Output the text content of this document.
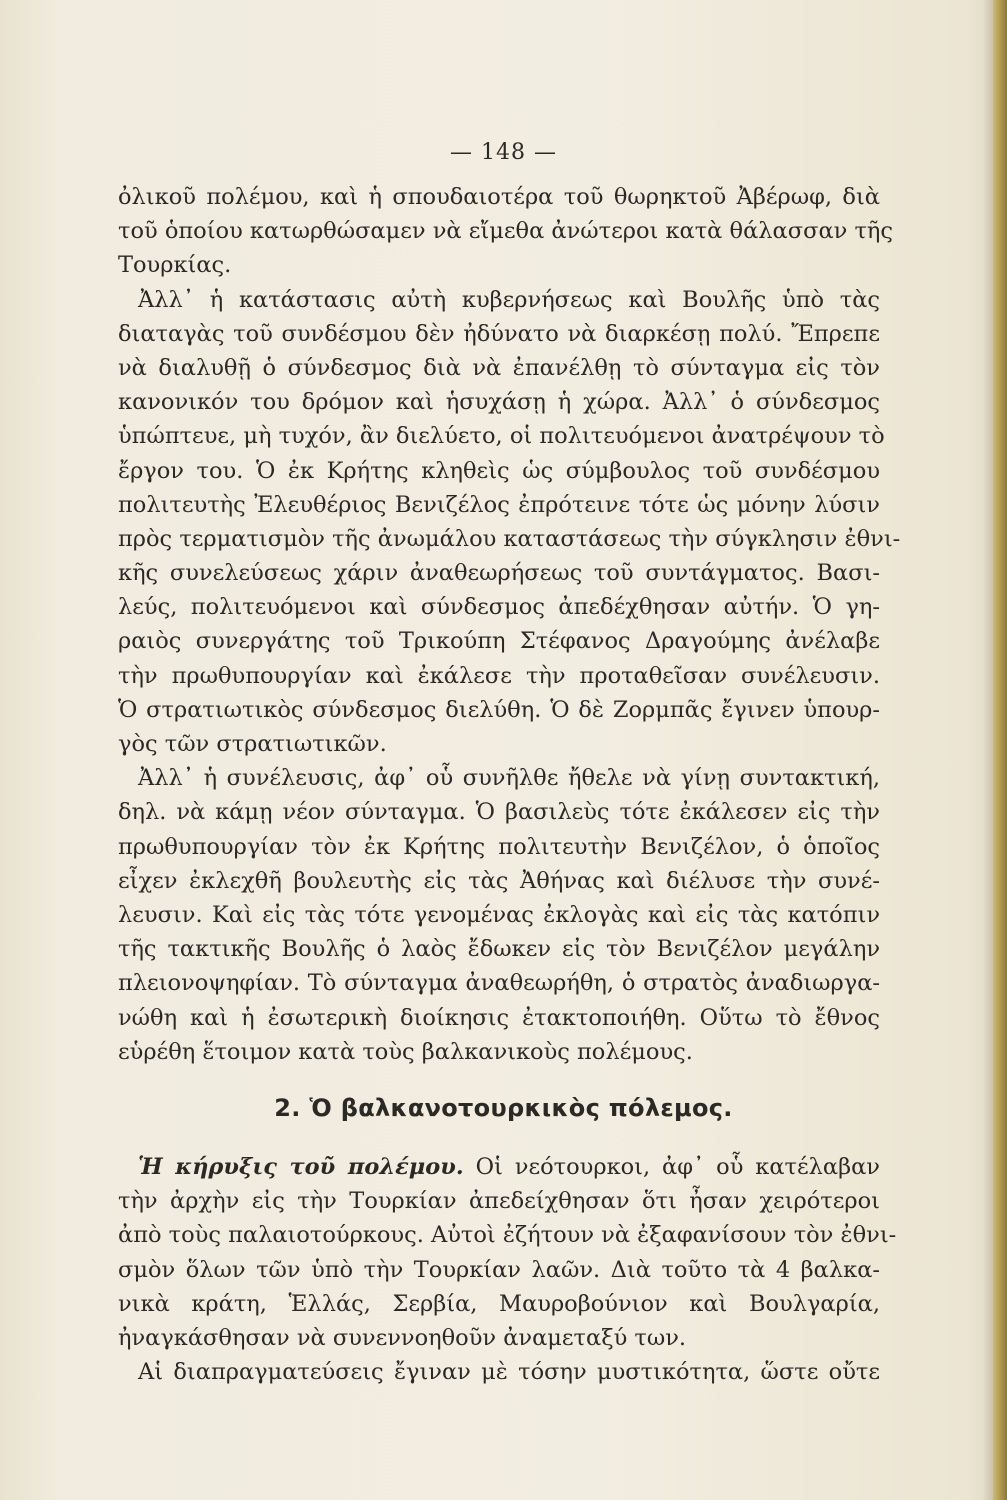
— 148 —
ὀλικοῦ πολέμου, καὶ ἡ σπουδαιοτέρα τοῦ θωρηκτοῦ Ἀβέρωφ, διὰ
τοῦ ὁποίου κατωρθώσαμεν νὰ εἴμεθα ἀνώτεροι κατὰ θάλασσαν τῆς
Τουρκίας.
Ἀλλ᾽ ἡ κατάστασις αὐτὴ κυβερνήσεως καὶ Βουλῆς ὑπὸ τὰς
διαταγὰς τοῦ συνδέσμου δὲν ἠδύνατο νὰ διαρκέσῃ πολύ. Ἔπρεπε
νὰ διαλυθῇ ὁ σύνδεσμος διὰ νὰ ἐπανέλθῃ τὸ σύνταγμα εἰς τὸν
κανονικόν του δρόμον καὶ ἡσυχάσῃ ἡ χώρα. Ἀλλ᾽ ὁ σύνδεσμος
ὑπώπτευε, μὴ τυχόν, ἂν διελύετο, οἱ πολιτευόμενοι ἀνατρέψουν τὸ
ἔργον του. Ὁ ἐκ Κρήτης κληθεὶς ὡς σύμβουλος τοῦ συνδέσμου
πολιτευτὴς Ἐλευθέριος Βενιζέλος ἐπρότεινε τότε ὡς μόνην λύσιν
πρὸς τερματισμὸν τῆς ἀνωμάλου καταστάσεως τὴν σύγκλησιν ἐθνι-
κῆς συνελεύσεως χάριν ἀναθεωρήσεως τοῦ συντάγματος. Βασι-
λεύς, πολιτευόμενοι καὶ σύνδεσμος ἀπεδέχθησαν αὐτήν. Ὁ γη-
ραιὸς συνεργάτης τοῦ Τρικούπη Στέφανος Δραγούμης ἀνέλαβε
τὴν πρωθυπουργίαν καὶ ἐκάλεσε τὴν προταθεῖσαν συνέλευσιν.
Ὁ στρατιωτικὸς σύνδεσμος διελύθη. Ὁ δὲ Ζορμπᾶς ἔγινεν ὑπουρ-
γὸς τῶν στρατιωτικῶν.
Ἀλλ᾽ ἡ συνέλευσις, ἀφ᾽ οὗ συνῆλθε ἤθελε νὰ γίνῃ συντακτική,
δηλ. νὰ κάμῃ νέον σύνταγμα. Ὁ βασιλεὺς τότε ἐκάλεσεν εἰς τὴν
πρωθυπουργίαν τὸν ἐκ Κρήτης πολιτευτὴν Βενιζέλον, ὁ ὁποῖος
εἶχεν ἐκλεχθῆ βουλευτὴς εἰς τὰς Ἀθήνας καὶ διέλυσε τὴν συνέ-
λευσιν. Καὶ εἰς τὰς τότε γενομένας ἐκλογὰς καὶ εἰς τὰς κατόπιν
τῆς τακτικῆς Βουλῆς ὁ λαὸς ἔδωκεν εἰς τὸν Βενιζέλον μεγάλην
πλειονοψηφίαν. Τὸ σύνταγμα ἀναθεωρήθη, ὁ στρατὸς ἀναδιωργα-
νώθη καὶ ἡ ἐσωτερικὴ διοίκησις ἐτακτοποιήθη. Οὕτω τὸ ἔθνος
εὑρέθη ἕτοιμον κατὰ τοὺς βαλκανικοὺς πολέμους.
2. Ὁ βαλκανοτουρκικὸς πόλεμος.
Ἡ κήρυξις τοῦ πολέμου. Οἱ νεότουρκοι, ἀφ᾽ οὗ κατέλαβαν
τὴν ἀρχὴν εἰς τὴν Τουρκίαν ἀπεδείχθησαν ὅτι ἦσαν χειρότεροι
ἀπὸ τοὺς παλαιοτούρκους. Αὐτοὶ ἐζήτουν νὰ ἐξαφανίσουν τὸν ἐθνι-
σμὸν ὅλων τῶν ὑπὸ τὴν Τουρκίαν λαῶν. Διὰ τοῦτο τὰ 4 βαλκα-
νικὰ κράτη, Ἑλλάς, Σερβία, Μαυροβούνιον καὶ Βουλγαρία,
ἠναγκάσθησαν νὰ συνεννοηθοῦν ἀναμεταξύ των.
Αἱ διαπραγματεύσεις ἔγιναν μὲ τόσην μυστικότητα, ὥστε οὔτε
